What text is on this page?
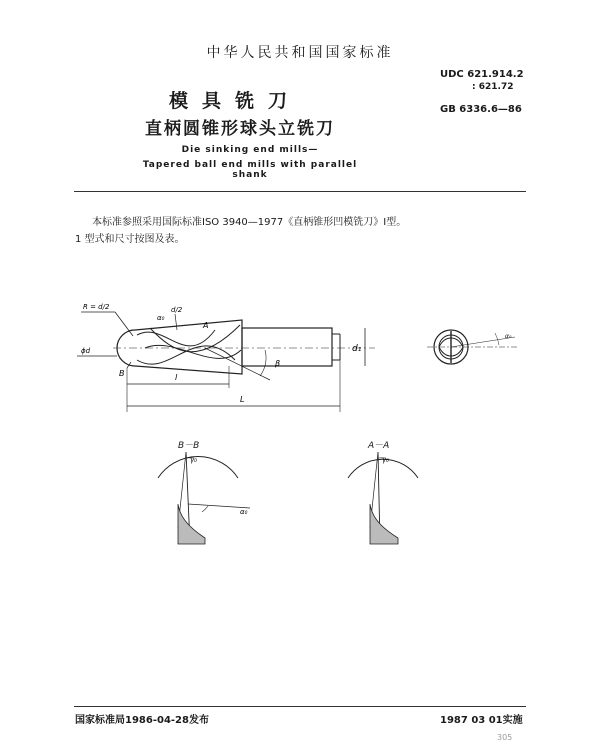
中华人民共和国国家标准
模具铣刀
直柄圆锥形球头立铣刀
Die sinking end mills—
Tapered ball end mills with parallel shank
UDC 621.914.2
: 621.72
GB 6336.6—86
本标准参照采用国际标准ISO 3940—1977《直柄锥形凹模铣刀》I型。
1 型式和尺寸按图及表。
d₁
R = d/2	d/2
α₀
ϕd
B
A
β
l
L
α₀
B－B	A－A
γ₀
α₀
γ₀
国家标准局1986-04-28发布	1987 03 01实施
305
